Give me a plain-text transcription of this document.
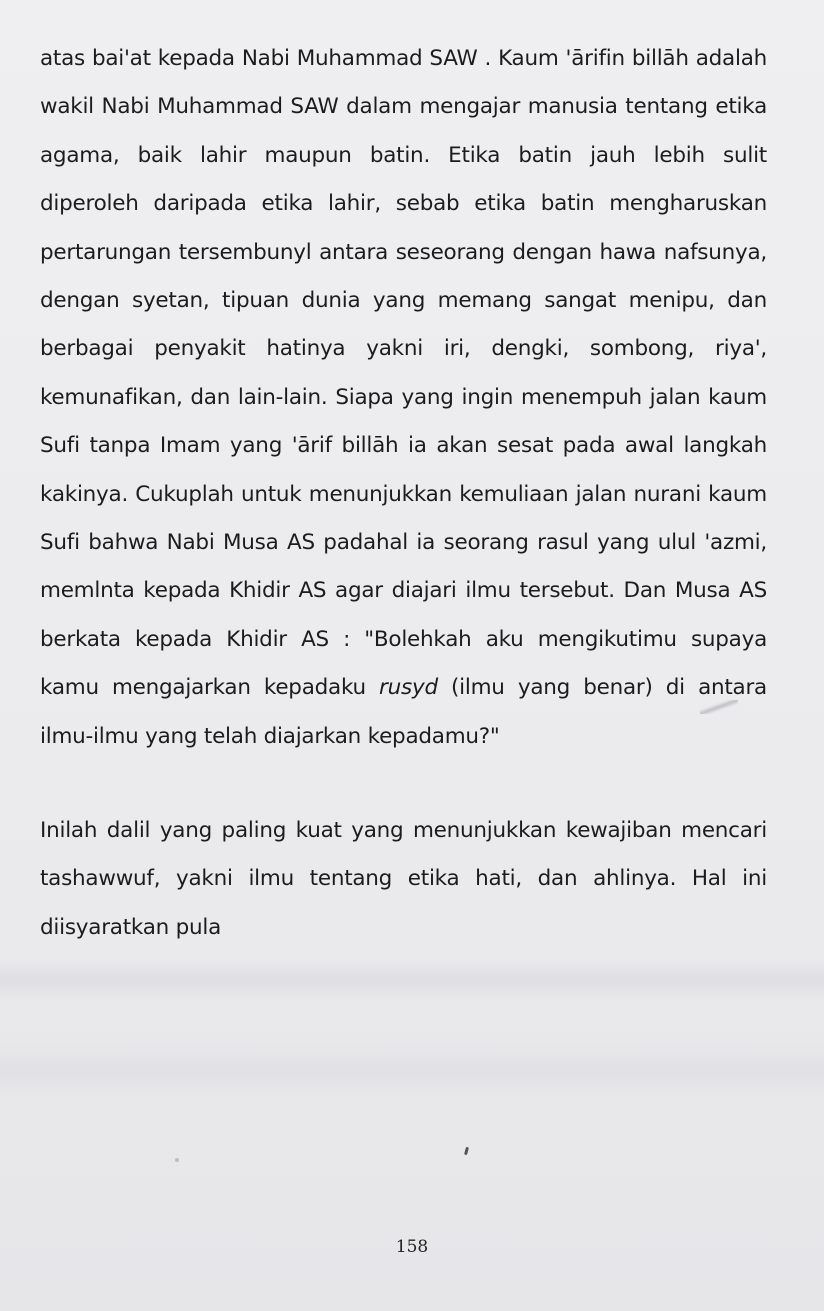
atas bai'at kepada Nabi Muhammad SAW . Kaum 'ārifin billāh adalah wakil Nabi Muhammad SAW dalam mengajar manusia tentang etika agama, baik lahir maupun batin. Etika batin jauh lebih sulit diperoleh daripada etika lahir, sebab etika batin mengharuskan pertarungan tersembunyl antara seseorang dengan hawa nafsunya, dengan syetan, tipuan dunia yang memang sangat menipu, dan berbagai penyakit hatinya yakni iri, dengki, sombong, riya', kemunafikan, dan lain-lain. Siapa yang ingin menempuh jalan kaum Sufi tanpa Imam yang 'ārif billāh ia akan sesat pada awal langkah kakinya. Cukuplah untuk menunjukkan kemuliaan jalan nurani kaum Sufi bahwa Nabi Musa AS padahal ia seorang rasul yang ulul 'azmi, memlnta kepada Khidir AS agar diajari ilmu tersebut. Dan Musa AS berkata kepada Khidir AS : "Bolehkah aku mengikutimu supaya kamu mengajarkan kepadaku rusyd (ilmu yang benar) di antara ilmu-ilmu yang telah diajarkan kepadamu?"

Inilah dalil yang paling kuat yang menunjukkan kewajiban mencari tashawwuf, yakni ilmu tentang etika hati, dan ahlinya. Hal ini diisyaratkan pula

158
